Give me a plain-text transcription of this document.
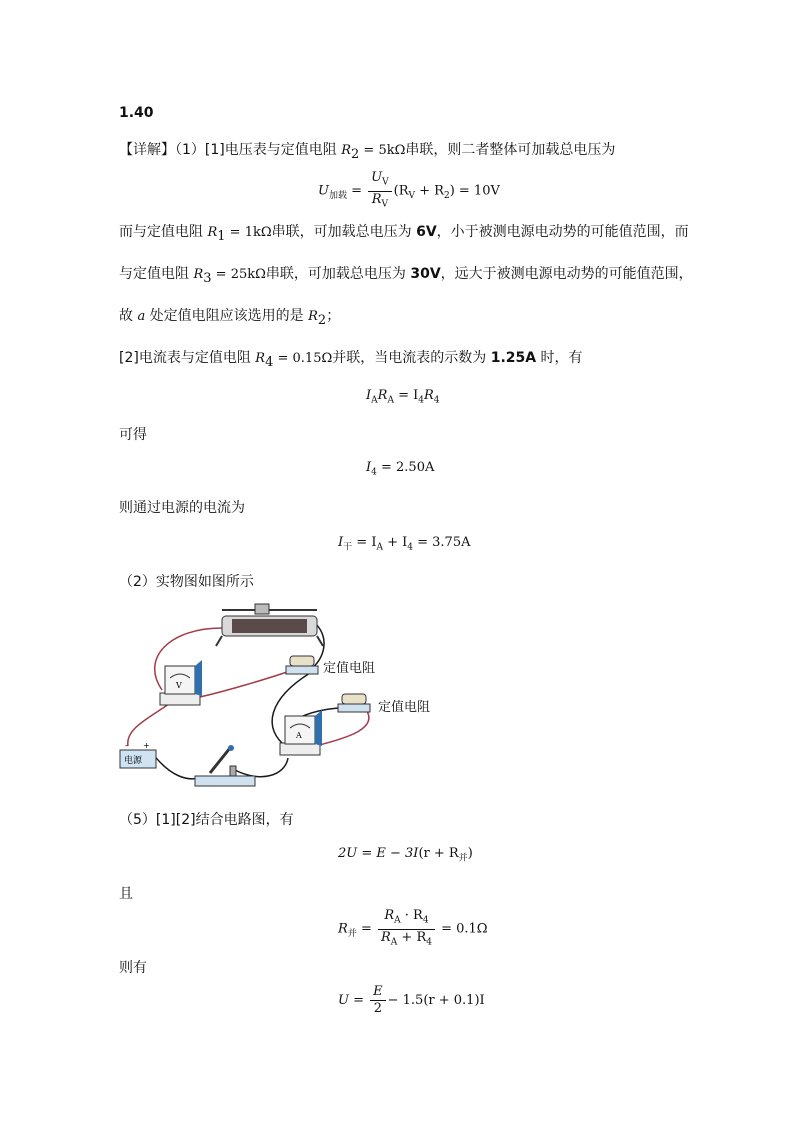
1.40
【详解】（1）[1]电压表与定值电阻 $R_2 = 5k\Omega$串联，则二者整体可加载总电压为
$U_{加载} = \frac{U_V}{R_V} (R_V + R_2) = 10V$
而与定值电阻 $R_1 = 1k\Omega$串联，可加载总电压为 6V，小于被测电源电动势的可能值范围，而
与定值电阻 $R_3 = 25k\Omega$串联，可加载总电压为 30V，远大于被测电源电动势的可能值范围，
故 a 处定值电阻应该选用的是 $R_2$；
[2]电流表与定值电阻 $R_4 = 0.15\Omega$并联，当电流表的示数为 1.25A 时，有
$I_AR_A = I_4R_4$
可得
$I_4 = 2.50A$
则通过电源的电流为
$I_干 = I_A + I_4 = 3.75A$
（2）实物图如图所示
V
A
电源
- +
定值电阻
定值电阻
（5）[1][2]结合电路图，有
$2U = E - 3I(r + R_并)$
且
$R_并 = \frac{R_A \cdot R_4}{R_A + R_4} = 0.1\Omega$
则有
$U = \frac{E}{2} - 1.5(r + 0.1)I$
